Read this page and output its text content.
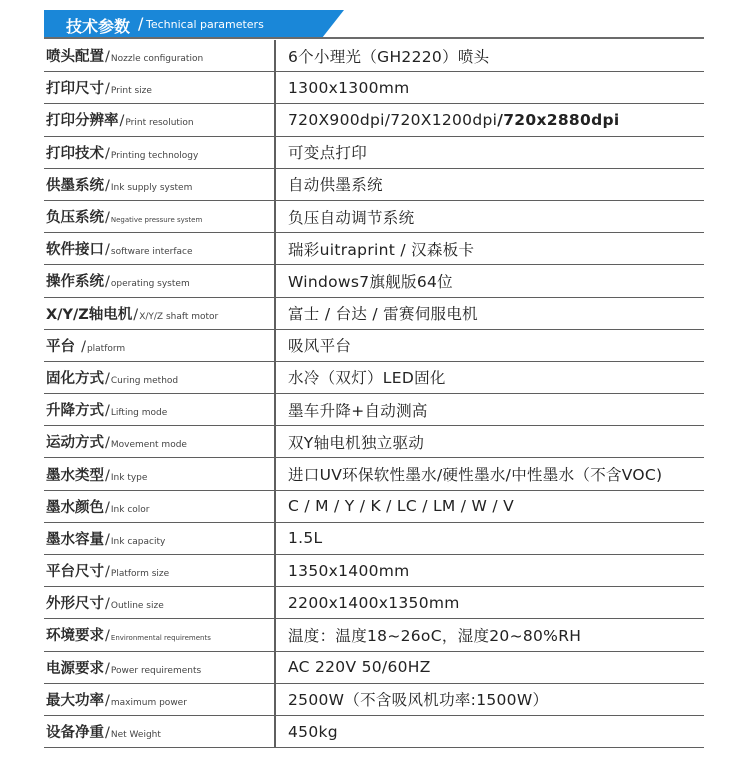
技术参数 / Technical parameters
喷头配置/Nozzle configuration	6个小理光（GH2220）喷头
打印尺寸/Print size	1300x1300mm
打印分辨率/Print resolution	720X900dpi/720X1200dpi/720x2880dpi
打印技术/Printing technology	可变点打印
供墨系统/Ink supply system	自动供墨系统
负压系统/Negative pressure system	负压自动调节系统
软件接口/software interface	瑞彩uitraprint / 汉森板卡
操作系统/operating system	Windows7旗舰版64位
X/Y/Z轴电机/X/Y/Z shaft motor	富士 / 台达 / 雷赛伺服电机
平台 /platform	吸风平台
固化方式/Curing method	水冷（双灯）LED固化
升降方式/Lifting mode	墨车升降+自动测高
运动方式/Movement mode	双Y轴电机独立驱动
墨水类型/Ink type	进口UV环保软性墨水/硬性墨水/中性墨水（不含VOC)
墨水颜色/Ink color	C / M / Y / K / LC / LM / W / V
墨水容量/Ink capacity	1.5L
平台尺寸/Platform size	1350x1400mm
外形尺寸/Outline size	2200x1400x1350mm
环境要求/Environmental requirements	温度：温度18~26oC，湿度20~80%RH
电源要求/Power requirements	AC 220V 50/60HZ
最大功率/maximum power	2500W（不含吸风机功率:1500W）
设备净重/Net Weight	450kg
